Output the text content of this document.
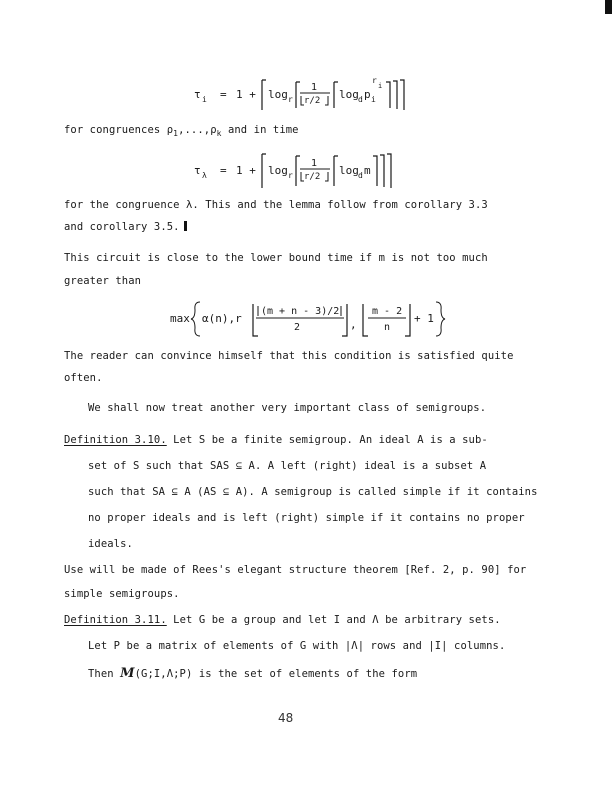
τ i = 1 + log r
1
r/2 log d p i
r
i
for congruences $\rho_1,...,\rho_k$ and in time
τ λ = 1 + log r
1
r/2 log d m
for the congruence λ. This and the lemma follow from corollary 3.3
and corollary 3.5.
This circuit is close to the lower bound time if m is not too much
greater than
max α(n),r
(m + n - 3)/2
2	,
m - 2
n
+ 1
The reader can convince himself that this condition is satisfied quite
often.
We shall now treat another very important class of semigroups.
Definition 3.10. Let S be a finite semigroup. An ideal A is a sub-
set of S such that SAS ⊆ A. A left (right) ideal is a subset A
such that SA ⊆ A (AS ⊆ A). A semigroup is called simple if it contains
no proper ideals and is left (right) simple if it contains no proper
ideals.
Use will be made of Rees's elegant structure theorem [Ref. 2, p. 90] for
simple semigroups.
Definition 3.11. Let G be a group and let I and Λ be arbitrary sets.
Let P be a matrix of elements of G with |Λ| rows and |I| columns.
Then M(G;I,Λ;P) is the set of elements of the form
48
